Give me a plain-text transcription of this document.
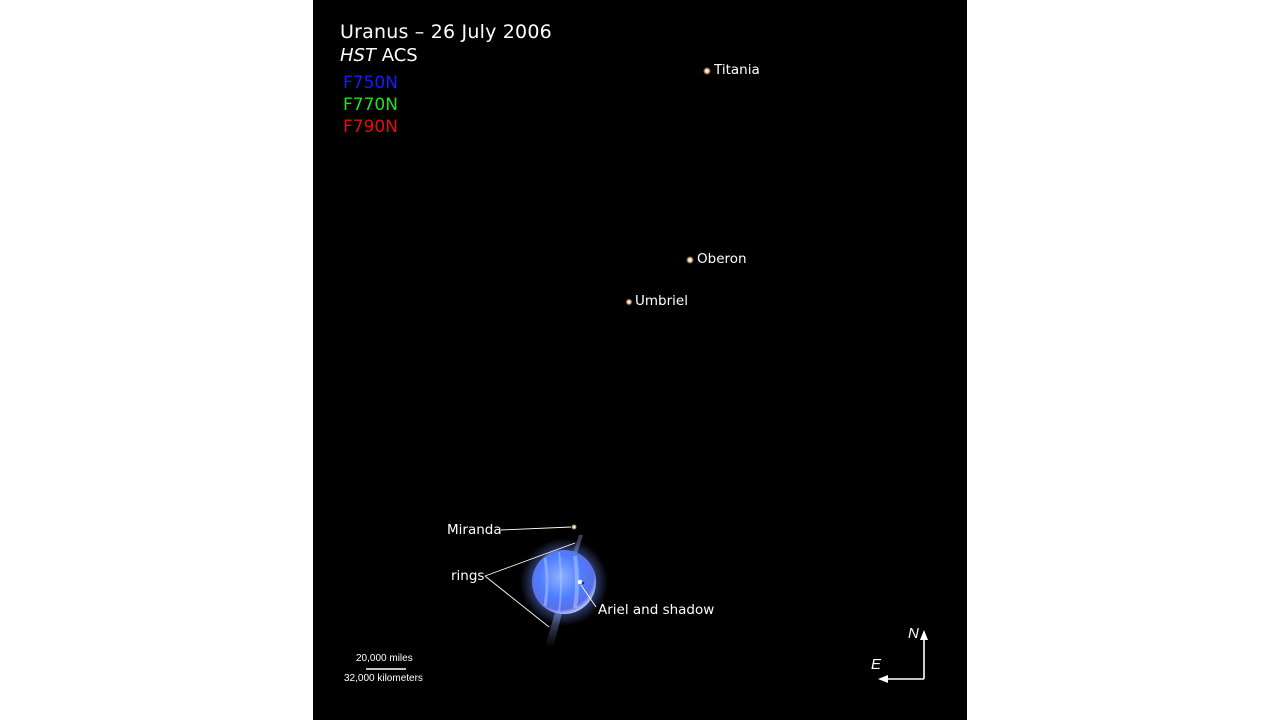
Uranus – 26 July 2006
HST ACS
F750N
F770N
F790N
Titania
Oberon
Umbriel
Miranda
rings
Ariel and shadow
20,000 miles
32,000 kilometers
N
E
